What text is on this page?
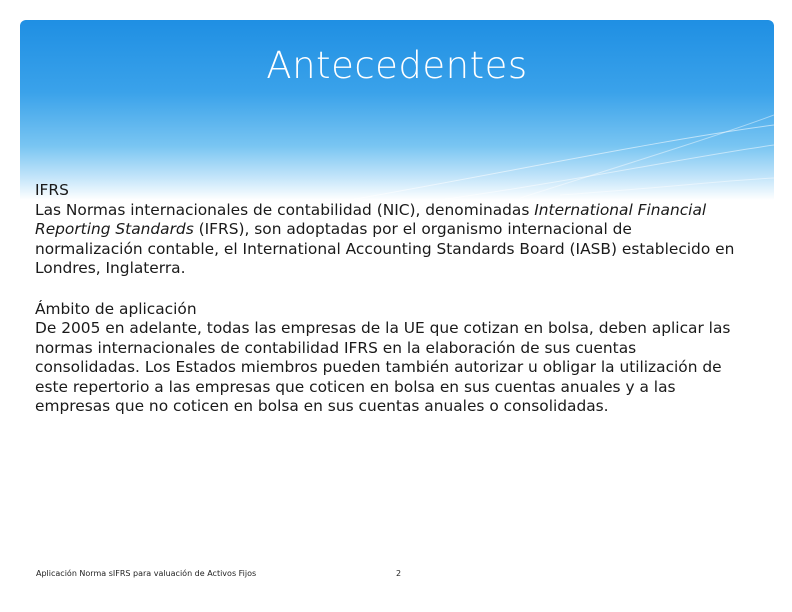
Antecedentes

IFRS

Las Normas internacionales de contabilidad (NIC), denominadas International Financial Reporting Standards (IFRS), son adoptadas por el organismo internacional de normalización contable, el International Accounting Standards Board (IASB) establecido en Londres, Inglaterra.

Ámbito de aplicación

De 2005 en adelante, todas las empresas de la UE que cotizan en bolsa, deben aplicar las normas internacionales de contabilidad IFRS en la elaboración de sus cuentas consolidadas. Los Estados miembros pueden también autorizar u obligar la utilización de este repertorio a las empresas que coticen en bolsa en sus cuentas anuales y a las empresas que no coticen en bolsa en sus cuentas anuales o consolidadas.

Aplicación Norma sIFRS para valuación de Activos Fijos	2
